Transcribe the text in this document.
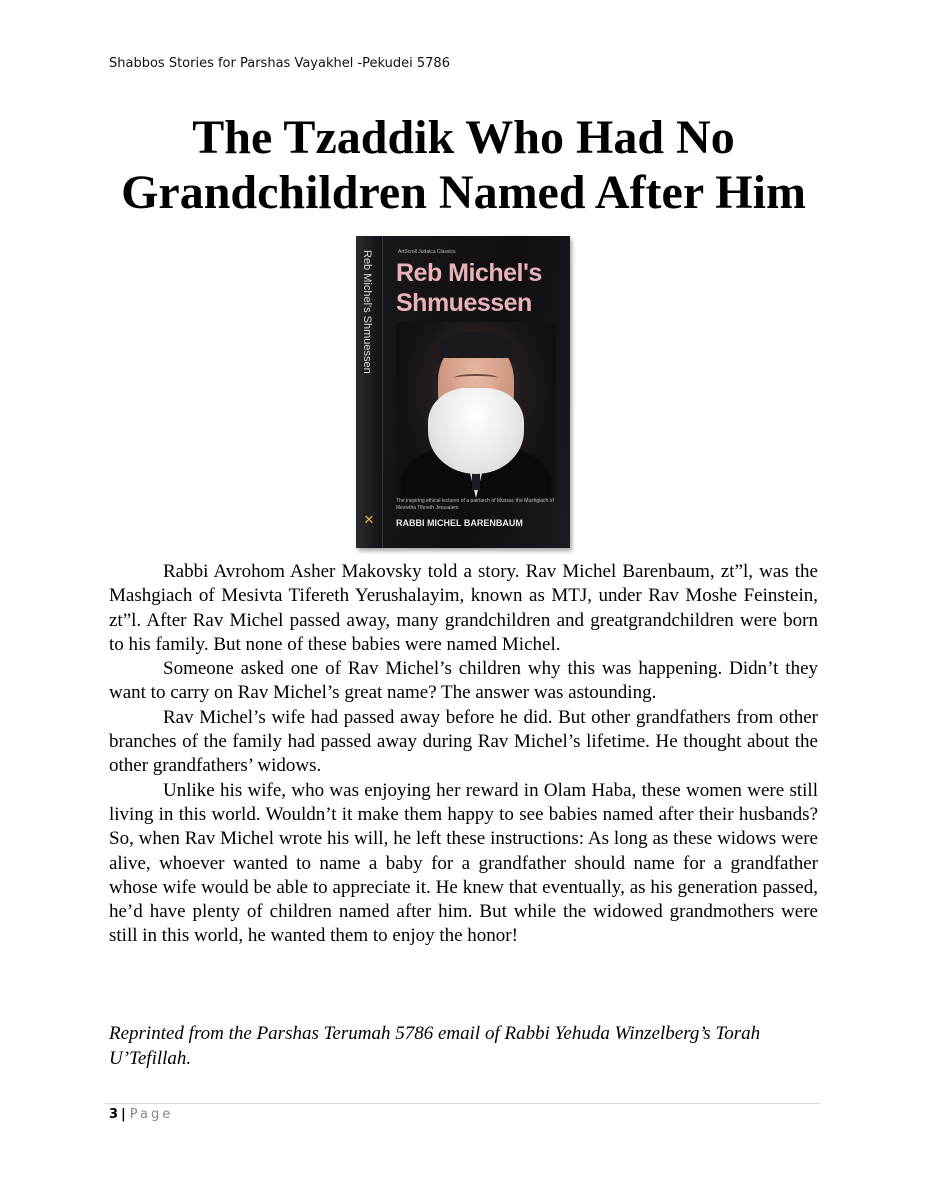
Shabbos Stories for Parshas Vayakhel -Pekudei 5786
The Tzaddik Who Had No
Grandchildren Named After Him
Reb Michel's Shmuessen
✕
ArtScroll Judaica Classics
Reb Michel's
Shmuessen
The inspiring ethical lectures of a patriarch of Mussar, the Mashgiach of Mesivtha Tifereth Jerusalem
RABBI MICHEL BARENBAUM

Rabbi Avrohom Asher Makovsky told a story. Rav Michel Barenbaum, zt”l, was the Mashgiach of Mesivta Tifereth Yerushalayim, known as MTJ, under Rav Moshe Feinstein, zt”l. After Rav Michel passed away, many grandchildren and greatgrandchildren were born to his family. But none of these babies were named Michel.

Someone asked one of Rav Michel’s children why this was happening. Didn’t they want to carry on Rav Michel’s great name? The answer was astounding.

Rav Michel’s wife had passed away before he did. But other grandfathers from other branches of the family had passed away during Rav Michel’s lifetime. He thought about the other grandfathers’ widows.

Unlike his wife, who was enjoying her reward in Olam Haba, these women were still living in this world. Wouldn’t it make them happy to see babies named after their husbands? So, when Rav Michel wrote his will, he left these instructions: As long as these widows were alive, whoever wanted to name a baby for a grandfather should name for a grandfather whose wife would be able to appreciate it. He knew that eventually, as his generation passed, he’d have plenty of children named after him. But while the widowed grandmothers were still in this world, he wanted them to enjoy the honor!

Reprinted from the Parshas Terumah 5786 email of Rabbi Yehuda Winzelberg’s Torah U’Tefillah.
3 | Page
